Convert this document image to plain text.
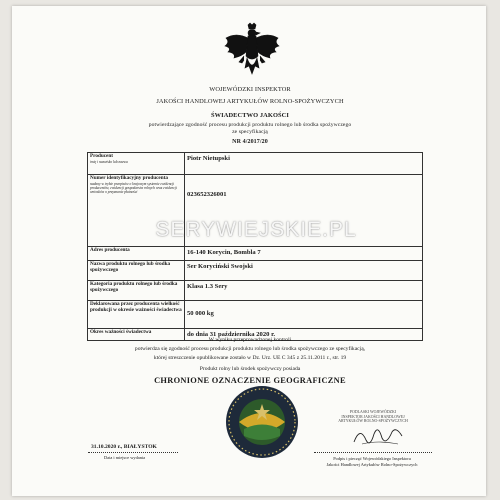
WOJEWÓDZKI INSPEKTOR
JAKOŚCI HANDLOWEJ ARTYKUŁÓW ROLNO-SPOŻYWCZYCH
ŚWIADECTWO JAKOŚCI
potwierdzające zgodność procesu produkcji produktu rolnego lub środka spożywczego
ze specyfikacją
NR 4/2017/20
Producent
imię i nazwisko lub nazwa	Piotr Nietupski
Numer identyfikacyjny producenta
nadany w trybie przepisów o krajowym systemie ewidencji producentów, ewidencji gospodarstw rolnych oraz ewidencji wniosków o przyznanie płatności	023652326001
Adres producenta	16-140 Korycin, Bombla 7
Nazwa produktu rolnego lub środka spożywczego	Ser Koryciński Swojski
Kategoria produktu rolnego lub środka spożywczego	Klasa 1.3 Sery
Deklarowana przez producenta wielkość produkcji w okresie ważności świadectwa	50 000 kg
Okres ważności świadectwa	do dnia 31 października 2020 r.
SERYWIEJSKIE.PL
W wyniku przeprowadzonej kontroli
potwierdza się zgodność procesu produkcji produktu rolnego lub środka spożywczego ze specyfikacją,
której streszczenie opublikowane zostało w Dz. Urz. UE C 345 z 25.11.2011 r., str. 19
Produkt rolny lub środek spożywczy posiada
CHRONIONE OZNACZENIE GEOGRAFICZNE
PODLASKI WOJEWÓDZKI
INSPEKTOR JAKOŚCI HANDLOWEJ
ARTYKUŁÓW ROLNO-SPOŻYWCZYCH
31.10.2020 r., BIAŁYSTOK
Data i miejsce wydania	Podpis i pieczęć Wojewódzkiego Inspektora
Jakości Handlowej Artykułów Rolno-Spożywczych
